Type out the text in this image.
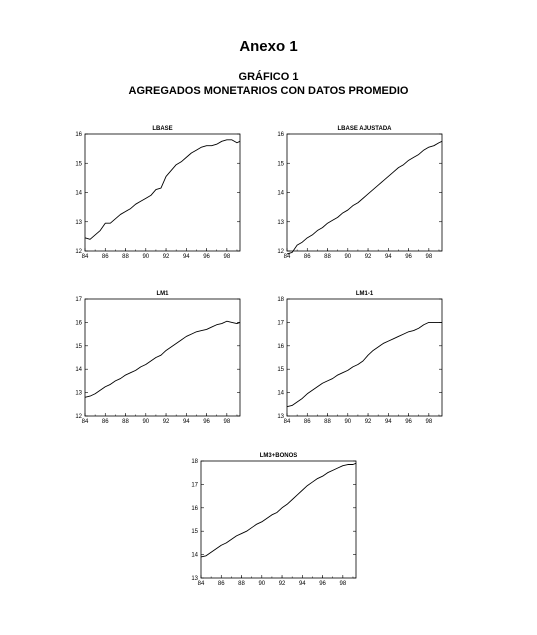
Anexo 1
GRÁFICO 1
AGREGADOS MONETARIOS CON DATOS PROMEDIO
LBASE
12
13
14
15
16
84 86 88 90 92 94 96 98
LBASE AJUSTADA
12
13
14
15
16
84 86 88 90 92 94 96 98
LM1
12
13
14
15
16
17
84 86 88 90 92 94 96 98
LM1-1
13
14
15
16
17
18
84 86 88 90 92 94 96 98
LM3+BONOS
13
14
15
16
17
18
84 86 88 90 92 94 96 98
